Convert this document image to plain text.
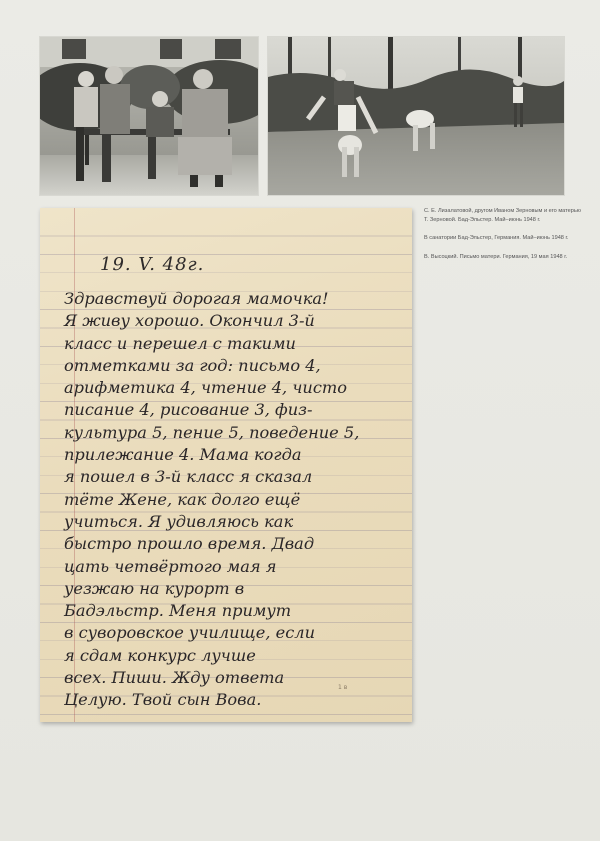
С. Е. Лизалатовой, другом Иваном Зерновым и его матерью Т. Зерновой. Бад-Эльстер. Май–июнь 1948 г.

В санатории Бад-Эльстер, Германия. Май–июнь 1948 г.

В. Высоцкий. Письмо матери. Германия, 19 мая 1948 г.

19. V. 48г.
Здравствуй дорогая мамочка!
Я живу хорошо. Окончил 3-й
класс и перешел с такими
отметками за год: письмо 4,
арифметика 4, чтение 4, чисто
писание 4, рисование 3, физ-
культура 5, пение 5, поведение 5,
прилежание 4. Мама когда
я пошел в 3-й класс я сказал
тёте Жене, как долго ещё
учиться. Я удивляюсь как
быстро прошло время. Двад
цать четвёртого мая я
уезжаю на курорт в
Бадэльстр. Меня примут
в суворовское училище, если
я сдам конкурс лучше
всех. Пиши. Жду ответа
Целую. Твой сын Вова.
1 в
